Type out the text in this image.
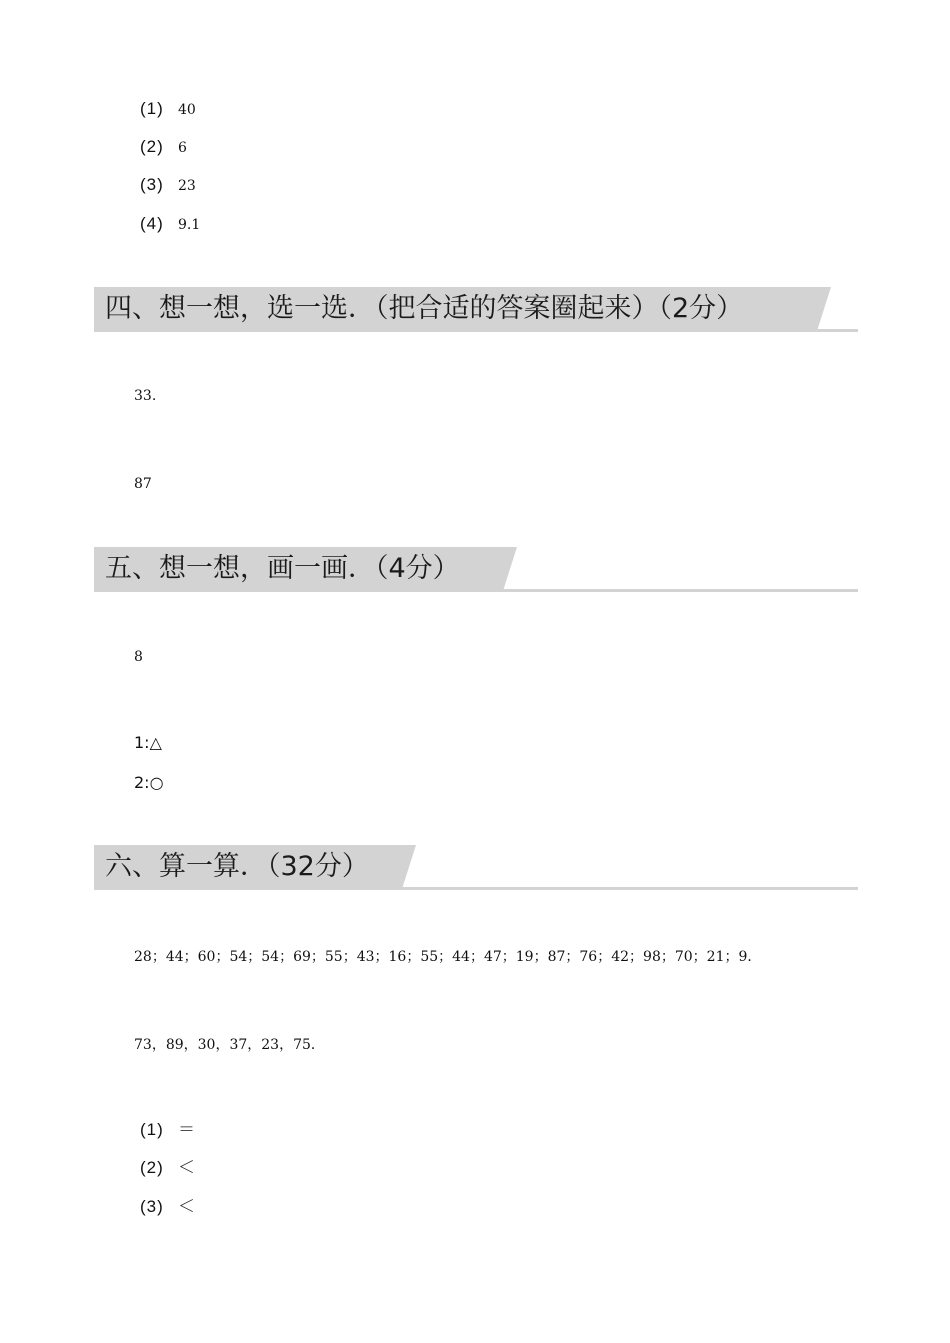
(1) 40
(2) 6
(3) 23
(4) 9.1
四、想一想，选一选．（把合适的答案圈起来）（2分）
33.
87
五、想一想，画一画．（4分）
8
1:△
2:○
六、算一算．（32分）
28；44；60；54；54；69；55；43；16；55；44；47；19；87；76；42；98；70；21；9．
73，89，30，37，23，75．
(1) ＝
(2) ＜
(3) ＜
